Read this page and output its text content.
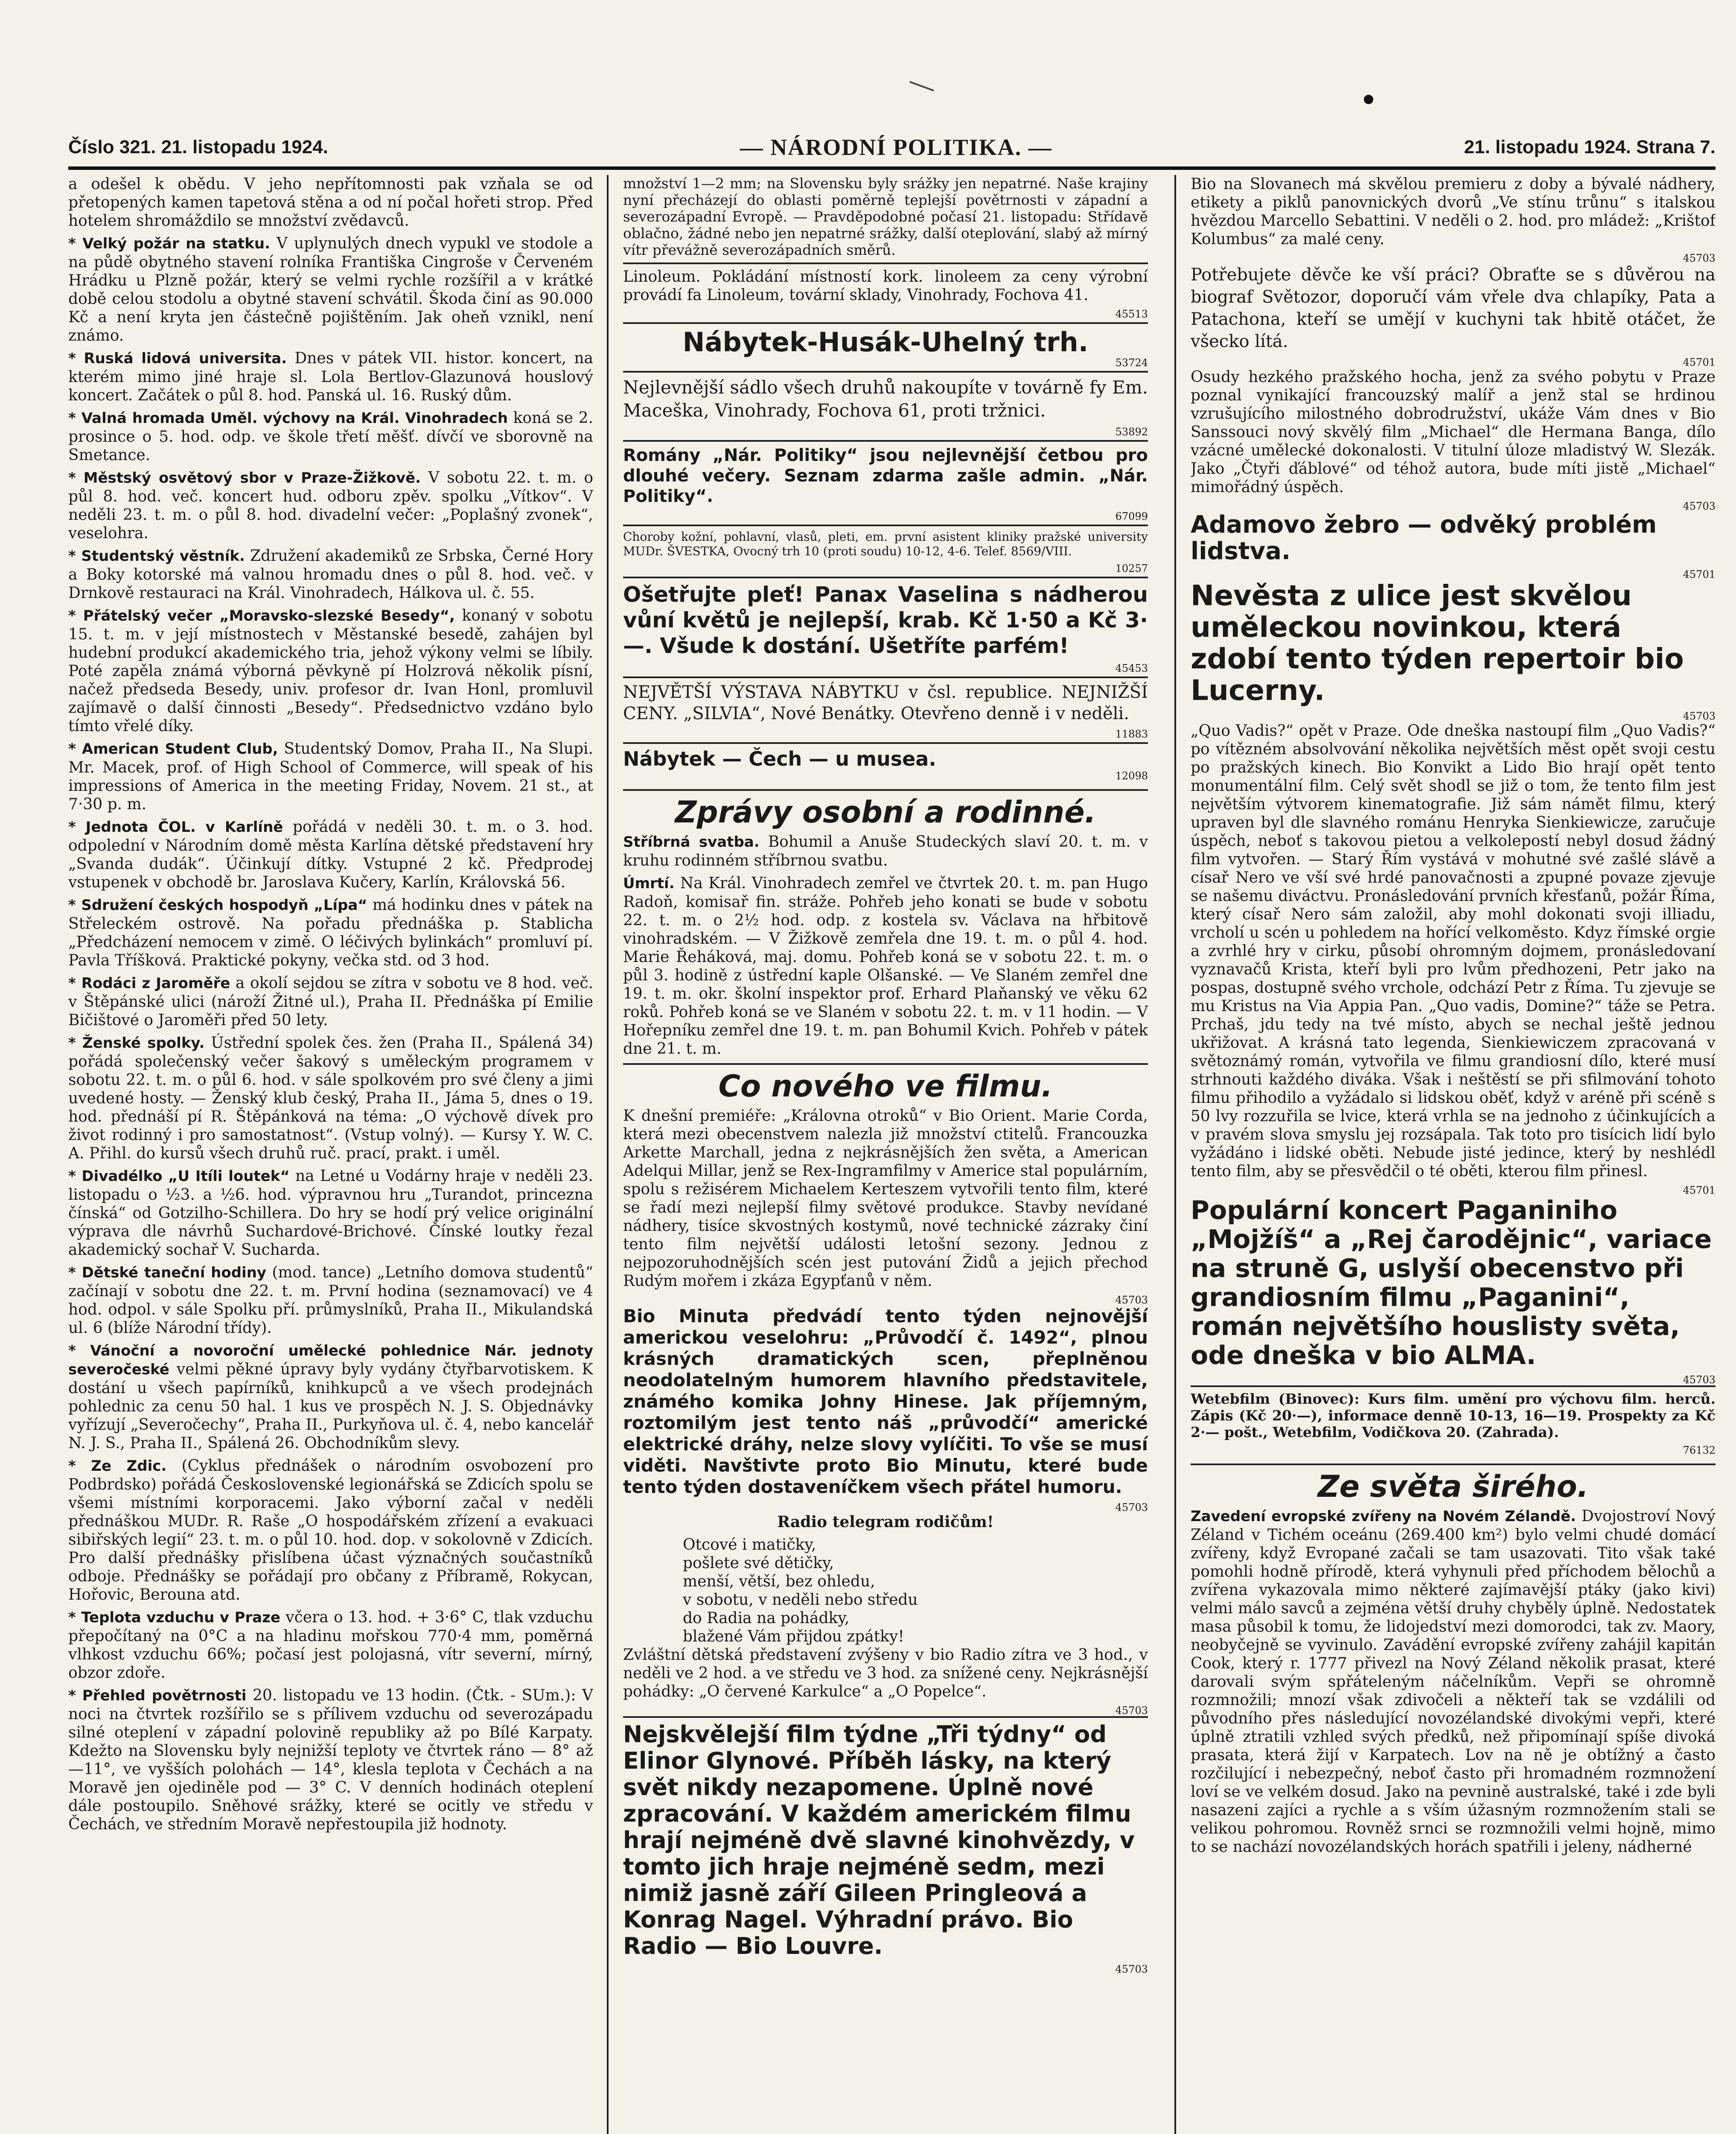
Číslo 321. 21. listopadu 1924.	— NÁRODNÍ POLITIKA. —	21. listopadu 1924. Strana 7.

a odešel k obědu. V jeho nepřítomnosti pak vzňala se od přetopených kamen tapetová stěna a od ní počal hořeti strop. Před hotelem shromáždilo se množství zvědavců.

* Velký požár na statku. V uplynulých dnech vypukl ve stodole a na půdě obytného stavení rolníka Františka Cingroše v Červeném Hrádku u Plzně požár, který se velmi rychle rozšířil a v krátké době celou stodolu a obytné stavení schvátil. Škoda činí as 90.000 Kč a není kryta jen částečně pojištěním. Jak oheň vznikl, není známo.

* Ruská lidová universita. Dnes v pátek VII. histor. koncert, na kterém mimo jiné hraje sl. Lola Bertlov-Glazunová houslový koncert. Začátek o půl 8. hod. Panská ul. 16. Ruský dům.

* Valná hromada Uměl. výchovy na Král. Vinohradech koná se 2. prosince o 5. hod. odp. ve škole třetí měšť. dívčí ve sborovně na Smetance.

* Městský osvětový sbor v Praze-Žižkově. V sobotu 22. t. m. o půl 8. hod. več. koncert hud. odboru zpěv. spolku „Vítkov“. V neděli 23. t. m. o půl 8. hod. divadelní večer: „Poplašný zvonek“, veselohra.

* Studentský věstník. Združení akademiků ze Srbska, Černé Hory a Boky kotorské má valnou hromadu dnes o půl 8. hod. več. v Drnkově restauraci na Král. Vinohradech, Hálkova ul. č. 55.

* Přátelský večer „Moravsko-slezské Besedy“, konaný v sobotu 15. t. m. v její místnostech v Městanské besedě, zahájen byl hudební produkcí akademického tria, jehož výkony velmi se líbily. Poté zapěla známá výborná pěvkyně pí Holzrová několik písní, načež předseda Besedy, univ. profesor dr. Ivan Honl, promluvil zajímavě o další činnosti „Besedy“. Předsednictvo vzdáno bylo tímto vřelé díky.

* American Student Club, Studentský Domov, Praha II., Na Slupi. Mr. Macek, prof. of High School of Commerce, will speak of his impressions of America in the meeting Friday, Novem. 21 st., at 7·30 p. m.

* Jednota ČOL. v Karlíně pořádá v neděli 30. t. m. o 3. hod. odpolední v Národním domě města Karlína dětské představení hry „Svanda dudák“. Účinkují dítky. Vstupné 2 kč. Předprodej vstupenek v obchodě br. Jaroslava Kučery, Karlín, Královská 56.

* Sdružení českých hospodyň „Lípa“ má hodinku dnes v pátek na Střeleckém ostrově. Na pořadu přednáška p. Stablicha „Předcházení nemocem v zimě. O léčivých bylinkách“ promluví pí. Pavla Tříšková. Praktické pokyny, večka std. od 3 hod.

* Rodáci z Jaroměře a okolí sejdou se zítra v sobotu ve 8 hod. več. v Štěpánské ulici (nároží Žitné ul.), Praha II. Přednáška pí Emilie Bičištové o Jaroměři před 50 lety.

* Ženské spolky. Ústřední spolek čes. žen (Praha II., Spálená 34) pořádá společenský večer šakový s uměleckým programem v sobotu 22. t. m. o půl 6. hod. v sále spolkovém pro své členy a jimi uvedené hosty. — Ženský klub český, Praha II., Jáma 5, dnes o 19. hod. přednáší pí R. Štěpánková na téma: „O výchově dívek pro život rodinný i pro samostatnost“. (Vstup volný). — Kursy Y. W. C. A. Přihl. do kursů všech druhů ruč. prací, prakt. i uměl.

* Divadélko „U Itíli loutek“ na Letné u Vodárny hraje v neděli 23. listopadu o ½3. a ½6. hod. výpravnou hru „Turandot, princezna čínská“ od Gotzilho-Schillera. Do hry se hodí prý velice originální výprava dle návrhů Suchardové-Brichové. Čínské loutky řezal akademický sochař V. Sucharda.

* Dětské taneční hodiny (mod. tance) „Letního domova studentů“ začínají v sobotu dne 22. t. m. První hodina (seznamovací) ve 4 hod. odpol. v sále Spolku pří. průmyslníků, Praha II., Mikulandská ul. 6 (blíže Národní třídy).

* Vánoční a novoroční umělecké pohlednice Nár. jednoty severočeské velmi pěkné úpravy byly vydány čtyřbarvotiskem. K dostání u všech papírníků, knihkupců a ve všech prodejnách pohlednic za cenu 50 hal. 1 kus ve prospěch N. J. S. Objednávky vyřízují „Severočechy“, Praha II., Purkyňova ul. č. 4, nebo kancelář N. J. S., Praha II., Spálená 26. Obchodníkům slevy.

* Ze Zdic. (Cyklus přednášek o národním osvobození pro Podbrdsko) pořádá Československé legionářská se Zdicích spolu se všemi místními korporacemi. Jako výborní začal v neděli přednáškou MUDr. R. Raše „O hospodářském zřízení a evakuaci sibiřských legií“ 23. t. m. o půl 10. hod. dop. v sokolovně v Zdicích. Pro další přednášky přislíbena účast význačných součastníků odboje. Přednášky se pořádají pro občany z Příbramě, Rokycan, Hořovic, Berouna atd.

* Teplota vzduchu v Praze včera o 13. hod. + 3·6° C, tlak vzduchu přepočítaný na 0°C a na hladinu mořskou 770·4 mm, poměrná vlhkost vzduchu 66%; počasí jest polojasná, vítr severní, mírný, obzor zdoře.

* Přehled povětrnosti 20. listopadu ve 13 hodin. (Čtk. - SUm.): V noci na čtvrtek rozšířilo se s přílivem vzduchu od severozápadu silné oteplení v západní polovině republiky až po Bílé Karpaty. Kdežto na Slovensku byly nejnižší teploty ve čtvrtek ráno — 8° až —11°, ve vyšších polohách — 14°, klesla teplota v Čechách a na Moravě jen ojediněle pod — 3° C. V denních hodinách oteplení dále postoupilo. Sněhové srážky, které se ocitly ve středu v Čechách, ve středním Moravě nepřestoupila již hodnoty.

množství 1—2 mm; na Slovensku byly srážky jen nepatrné. Naše krajiny nyní přecházejí do oblasti poměrně teplejší povětrnosti v západní a severozápadní Evropě. — Pravděpodobné počasí 21. listopadu: Střídavě oblačno, žádné nebo jen nepatrné srážky, další oteplování, slabý až mírný vítr převážně severozápadních směrů.

Linoleum. Pokládání místností kork. linoleem za ceny výrobní provádí fa Linoleum, tovární sklady, Vinohrady, Fochova 41.

45513
Nábytek-Husák-Uhelný trh.
53724

Nejlevnější sádlo všech druhů nakoupíte v továrně fy Em. Maceška, Vinohrady, Fochova 61, proti tržnici.

53892

Romány „Nár. Politiky“ jsou nejlevnější četbou pro dlouhé večery. Seznam zdarma zašle admin. „Nár. Politiky“.

67099

Choroby kožní, pohlavní, vlasů, pleti, em. první asistent kliniky pražské university MUDr. ŠVESTKA, Ovocný trh 10 (proti soudu) 10-12, 4-6. Telef. 8569/VIII.

10257

Ošetřujte pleť! Panax Vaselina s nádherou vůní květů je nejlepší, krab. Kč 1·50 a Kč 3·—. Všude k dostání. Ušetříte parfém!

45453

NEJVĚTŠÍ VÝSTAVA NÁBYTKU v čsl. republice. NEJNIŽŠÍ CENY. „SILVIA“, Nové Benátky. Otevřeno denně i v neděli.

11883
Nábytek — Čech — u musea.
12098
Zprávy osobní a rodinné.

Stříbrná svatba. Bohumil a Anuše Studeckých slaví 20. t. m. v kruhu rodinném stříbrnou svatbu.

Úmrtí. Na Král. Vinohradech zemřel ve čtvrtek 20. t. m. pan Hugo Radoň, komisař fin. stráže. Pohřeb jeho konati se bude v sobotu 22. t. m. o 2½ hod. odp. z kostela sv. Václava na hřbitově vinohradském. — V Žižkově zemřela dne 19. t. m. o půl 4. hod. Marie Řeháková, maj. domu. Pohřeb koná se v sobotu 22. t. m. o půl 3. hodině z ústřední kaple Olšanské. — Ve Slaném zemřel dne 19. t. m. okr. školní inspektor prof. Erhard Plaňanský ve věku 62 roků. Pohřeb koná se ve Slaném v sobotu 22. t. m. v 11 hodin. — V Hořepníku zemřel dne 19. t. m. pan Bohumil Kvich. Pohřeb v pátek dne 21. t. m.

Co nového ve filmu.

K dnešní premiéře: „Královna otroků“ v Bio Orient. Marie Corda, která mezi obecenstvem nalezla již množství ctitelů. Francouzka Arkette Marchall, jedna z nejkrásnějších žen světa, a American Adelqui Millar, jenž se Rex-Ingramfilmy v Americe stal populárním, spolu s režisérem Michaelem Kerteszem vytvořili tento film, které se řadí mezi nejlepší filmy světové produkce. Stavby nevídané nádhery, tisíce skvostných kostymů, nové technické zázraky činí tento film největší události letošní sezony. Jednou z nejpozoruhodnějších scén jest putování Židů a jejich přechod Rudým mořem i zkáza Egypťanů v něm.

45703

Bio Minuta předvádí tento týden nejnovější americkou veselohru: „Průvodčí č. 1492“, plnou krásných dramatických scen, přeplněnou neodolatelným humorem hlavního představitele, známého komika Johny Hinese. Jak příjemným, roztomilým jest tento náš „průvodčí“ americké elektrické dráhy, nelze slovy vylíčiti. To vše se musí viděti. Navštivte proto Bio Minutu, které bude tento týden dostaveníčkem všech přátel humoru.

45703

Radio telegram rodičům!

Otcové i matičky,
pošlete své dětičky,
menší, větší, bez ohledu,
v sobotu, v neděli nebo středu
do Radia na pohádky,
blažené Vám přijdou zpátky!

Zvláštní dětská představení zvýšeny v bio Radio zítra ve 3 hod., v neděli ve 2 hod. a ve středu ve 3 hod. za snížené ceny. Nejkrásnější pohádky: „O červené Karkulce“ a „O Popelce“.

45703

Nejskvělejší film týdne „Tři týdny“ od Elinor Glynové. Příběh lásky, na který svět nikdy nezapomene. Úplně nové zpracování. V každém americkém filmu hrají nejméně dvě slavné kinohvězdy, v tomto jich hraje nejméně sedm, mezi nimiž jasně září Gileen Pringleová a Konrag Nagel. Výhradní právo. Bio Radio — Bio Louvre.

45703

Bio na Slovanech má skvělou premieru z doby a bývalé nádhery, etikety a piklů panovnických dvorů „Ve stínu trůnu“ s italskou hvězdou Marcello Sebattini. V neděli o 2. hod. pro mládež: „Krištof Kolumbus“ za malé ceny.

45703

Potřebujete děvče ke vší práci? Obraťte se s důvěrou na biograf Světozor, doporučí vám vřele dva chlapíky, Pata a Patachona, kteří se umějí v kuchyni tak hbitě otáčet, že všecko lítá.

45701

Osudy hezkého pražského hocha, jenž za svého pobytu v Praze poznal vynikající francouzský malíř a jenž stal se hrdinou vzrušujícího milostného dobrodružství, ukáže Vám dnes v Bio Sanssouci nový skvělý film „Michael“ dle Hermana Banga, dílo vzácné umělecké dokonalosti. V titulní úloze mladistvý W. Slezák. Jako „Čtyři ďáblové“ od téhož autora, bude míti jistě „Michael“ mimořádný úspěch.

45703

Adamovo žebro — odvěký problém lidstva.

45701

Nevěsta z ulice jest skvělou uměleckou novinkou, která zdobí tento týden repertoir bio Lucerny.

45703

„Quo Vadis?“ opět v Praze. Ode dneška nastoupí film „Quo Vadis?“ po vítězném absolvování několika největších měst opět svoji cestu po pražských kinech. Bio Konvikt a Lido Bio hrají opět tento monumentální film. Celý svět shodl se již o tom, že tento film jest největším výtvorem kinematografie. Již sám námět filmu, který upraven byl dle slavného románu Henryka Sienkiewicze, zaručuje úspěch, neboť s takovou pietou a velkolepostí nebyl dosud žádný film vytvořen. — Starý Řím vystává v mohutné své zašlé slávě a císař Nero ve vší své hrdé panovačnosti a zpupné povaze zjevuje se našemu diváctvu. Pronásledování prvních křesťanů, požár Říma, který císař Nero sám založil, aby mohl dokonati svoji illiadu, vrcholí u scén u pohledem na hořící velkoměsto. Kdyz římské orgie a zvrhlé hry v cirku, působí ohromným dojmem, pronásledovaní vyznavačů Krista, kteří byli pro lvům předhozeni, Petr jako na pospas, dostupně svého vrchole, odchází Petr z Říma. Tu zjevuje se mu Kristus na Via Appia Pan. „Quo vadis, Domine?“ táže se Petra. Prchaš, jdu tedy na tvé místo, abych se nechal ještě jednou ukřižovat. A krásná tato legenda, Sienkiewiczem zpracovaná v světoznámý román, vytvořila ve filmu grandiosní dílo, které musí strhnouti každého diváka. Však i neštěstí se při sfilmování tohoto filmu přihodilo a vyžádalo si lidskou oběť, když v aréně při scéně s 50 lvy rozzuřila se lvice, která vrhla se na jednoho z účinkujících a v pravém slova smyslu jej rozsápala. Tak toto pro tisícich lidí bylo vyžádáno i lidské oběti. Nebude jisté jedince, který by neshlédl tento film, aby se přesvědčil o té oběti, kterou film přinesl.

45701

Populární koncert Paganiniho „Mojžíš“ a „Rej čarodějnic“, variace na struně G, uslyší obecenstvo při grandiosním filmu „Paganini“, román největšího houslisty světa, ode dneška v bio ALMA.

45703

Wetebfilm (Binovec): Kurs film. umění pro výchovu film. herců. Zápis (Kč 20·—), informace denně 10-13, 16—19. Prospekty za Kč 2·— pošt., Wetebfilm, Vodičkova 20. (Zahrada).

76132
Ze světa širého.

Zavedení evropské zvířeny na Novém Zélandě. Dvojostroví Nový Zéland v Tichém oceánu (269.400 km²) bylo velmi chudé domácí zvířeny, když Evropané začali se tam usazovati. Tito však také pomohli hodně přírodě, která vyhynuli před příchodem bělochů a zvířena vykazovala mimo některé zajímavější ptáky (jako kivi) velmi málo savců a zejména větší druhy chyběly úplně. Nedostatek masa působil k tomu, že lidojedství mezi domorodci, tak zv. Maory, neobyčejně se vyvinulo. Zavádění evropské zvířeny zahájil kapitán Cook, který r. 1777 přivezl na Nový Zéland několik prasat, které darovali svým spřáteleným náčelníkům. Vepři se ohromně rozmnožili; mnozí však zdivočeli a někteří tak se vzdálili od původního přes následující novozélandské divokými vepři, které úplně ztratili vzhled svých předků, než připomínají spíše divoká prasata, která žijí v Karpatech. Lov na ně je obtížný a často rozčilující i nebezpečný, neboť často při hromadném rozmnožení loví se ve velkém dosud. Jako na pevnině australské, také i zde byli nasazeni zajíci a rychle a s vším úžasným rozmnožením stali se velikou pohromou. Rovněž srnci se rozmnožili velmi hojně, mimo to se nachází novozélandských horách spatřili i jeleny, nádherné
